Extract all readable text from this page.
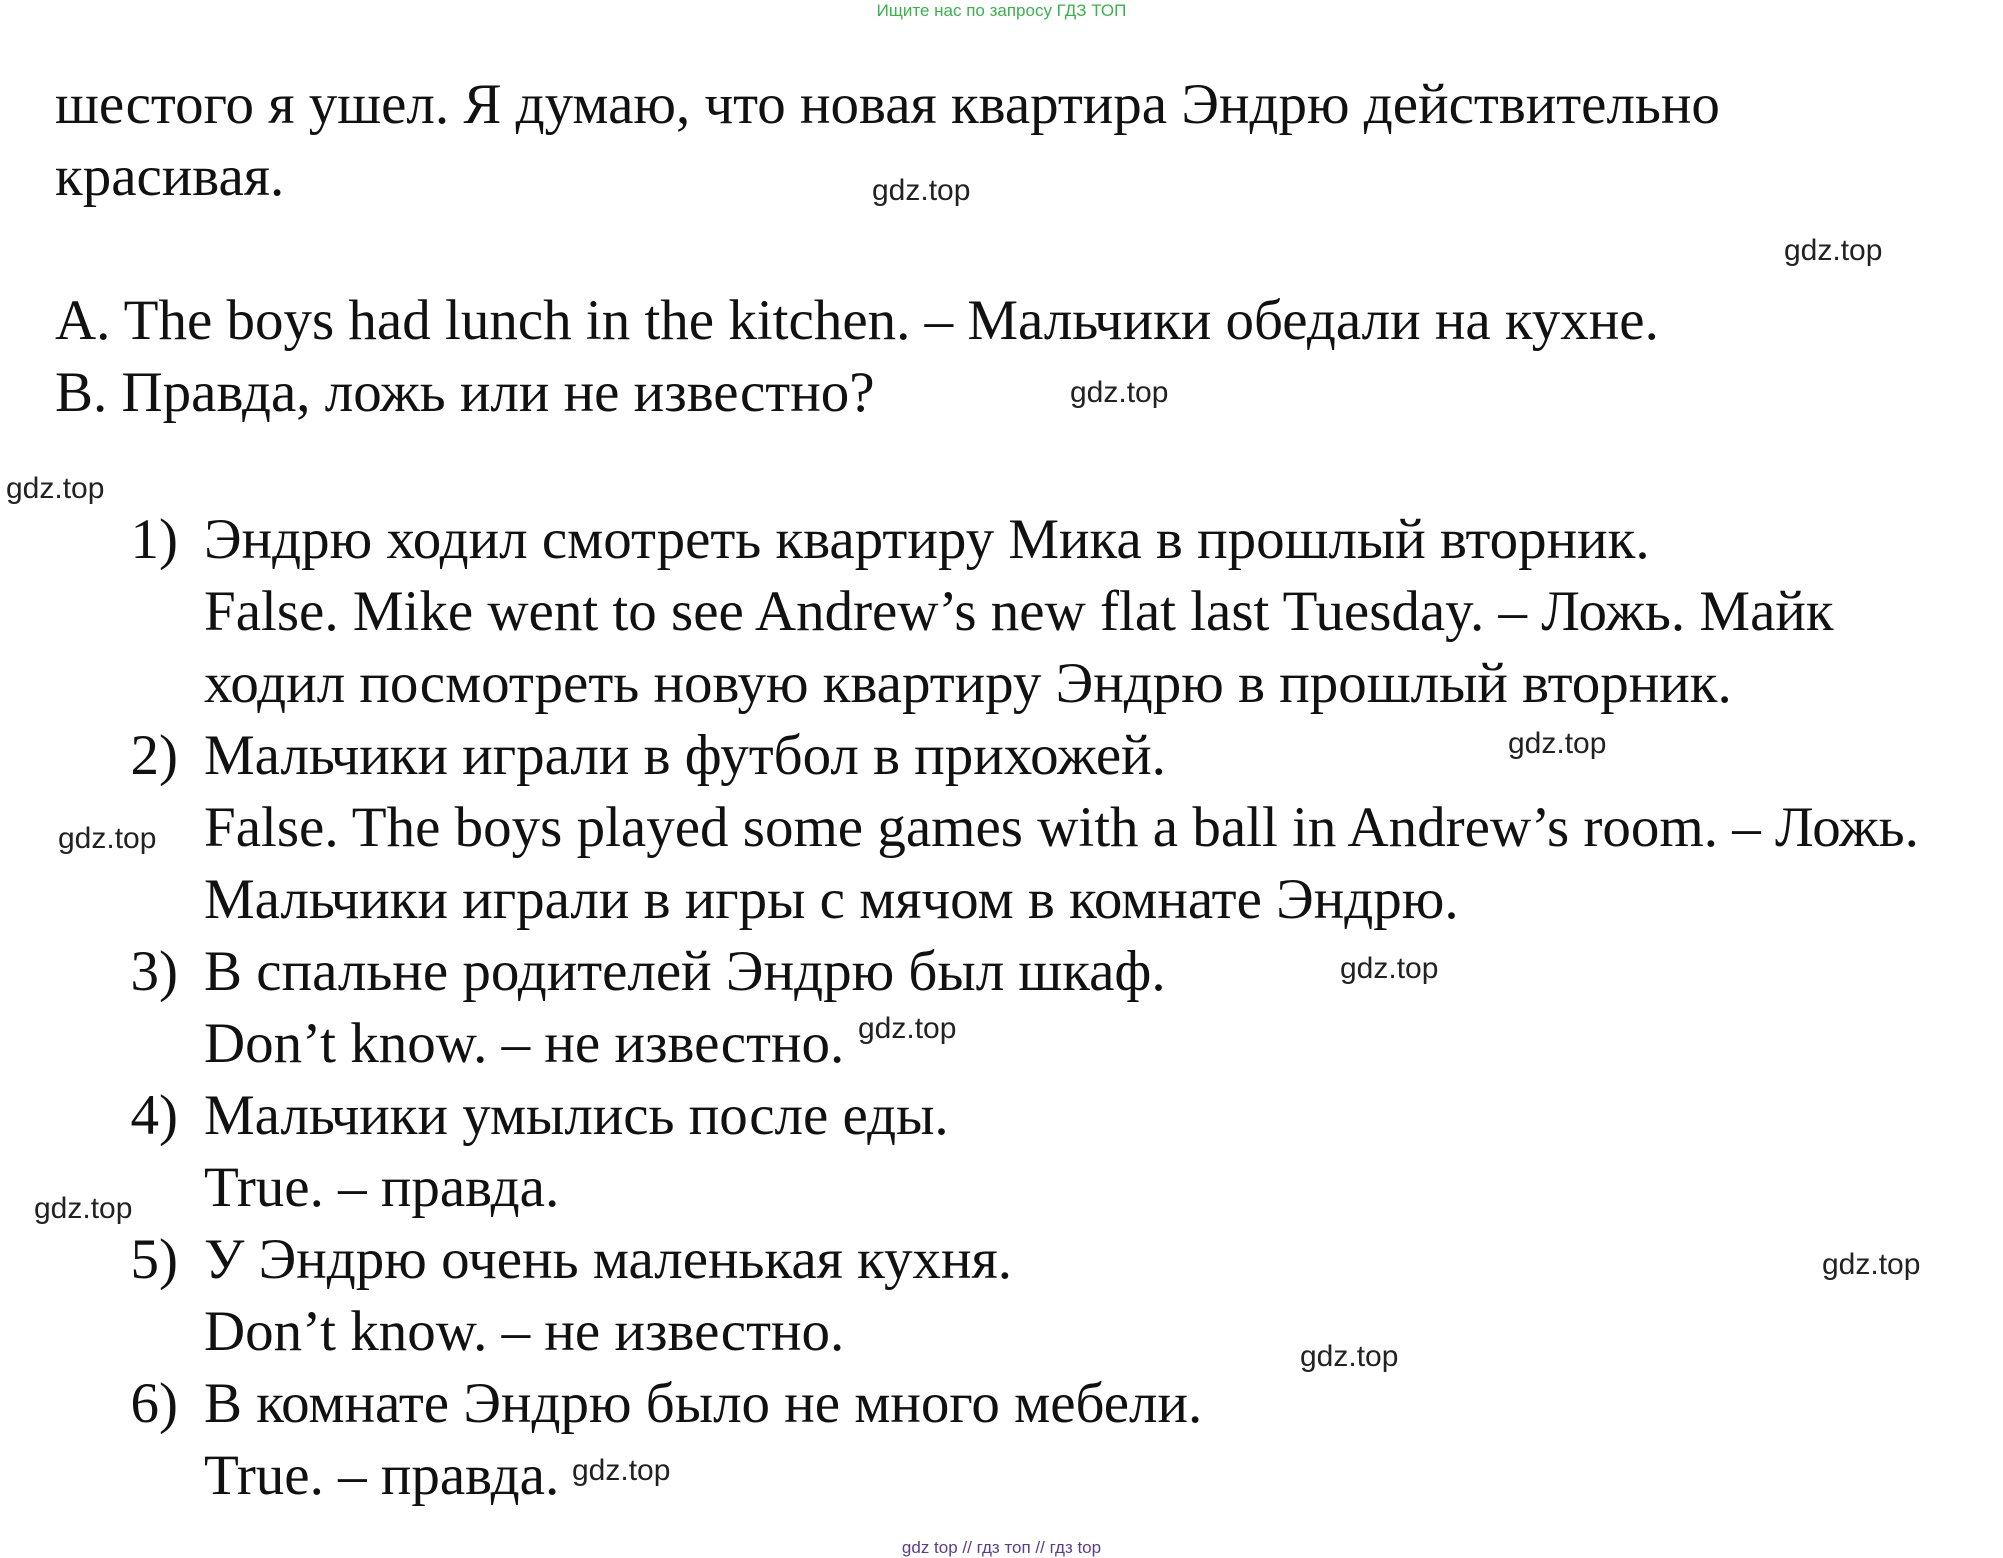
Ищите нас по запросу ГДЗ ТОП
шестого я ушел. Я думаю, что новая квартира Эндрю действительно
красивая.
A. The boys had lunch in the kitchen. – Мальчики обедали на кухне.
B. Правда, ложь или не известно?
1) Эндрю ходил смотреть квартиру Мика в прошлый вторник.
False. Mike went to see Andrew’s new flat last Tuesday. – Ложь. Майк
ходил посмотреть новую квартиру Эндрю в прошлый вторник.
2) Мальчики играли в футбол в прихожей.
False. The boys played some games with a ball in Andrew’s room. – Ложь.
Мальчики играли в игры с мячом в комнате Эндрю.
3) В спальне родителей Эндрю был шкаф.
Don’t know. – не известно.
4) Мальчики умылись после еды.
True. – правда.
5) У Эндрю очень маленькая кухня.
Don’t know. – не известно.
6) В комнате Эндрю было не много мебели.
True. – правда.
gdz.top
gdz.top
gdz.top
gdz.top
gdz.top
gdz.top
gdz.top
gdz.top
gdz.top
gdz.top
gdz.top
gdz.top
gdz top // гдз топ // гдз top
